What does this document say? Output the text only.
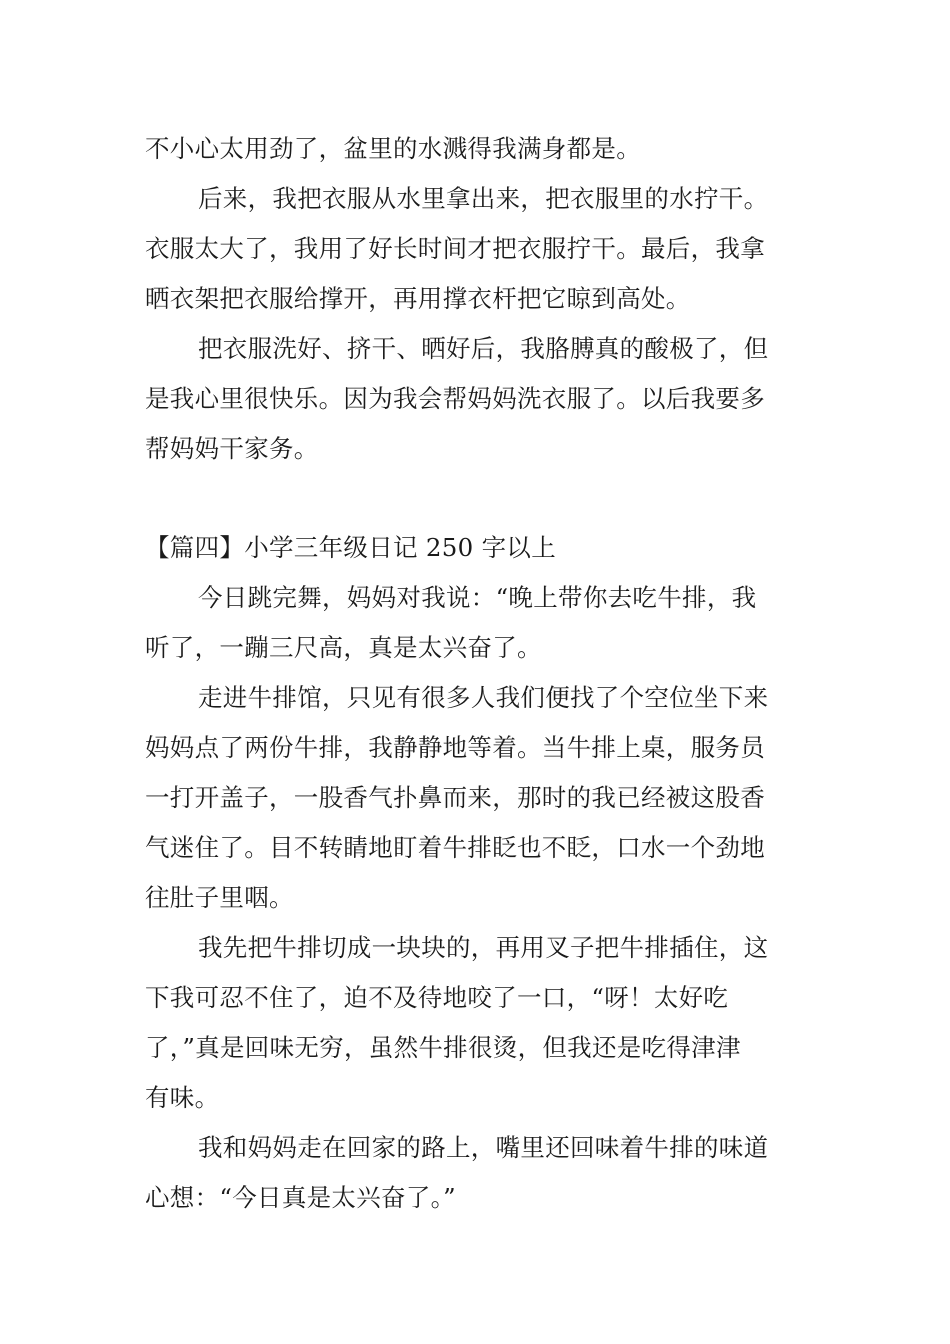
不小心太用劲了，盆里的水溅得我满身都是。
后来，我把衣服从水里拿出来，把衣服里的水拧干。
衣服太大了，我用了好长时间才把衣服拧干。最后，我拿
晒衣架把衣服给撑开，再用撑衣杆把它晾到高处。
把衣服洗好、挤干、晒好后，我胳膊真的酸极了，但
是我心里很快乐。因为我会帮妈妈洗衣服了。以后我要多
帮妈妈干家务。
【篇四】小学三年级日记 250 字以上
今日跳完舞，妈妈对我说：“晚上带你去吃牛排，我
听了，一蹦三尺高，真是太兴奋了。
走进牛排馆，只见有很多人我们便找了个空位坐下来
妈妈点了两份牛排，我静静地等着。当牛排上桌，服务员
一打开盖子，一股香气扑鼻而来，那时的我已经被这股香
气迷住了。目不转睛地盯着牛排眨也不眨，口水一个劲地
往肚子里咽。
我先把牛排切成一块块的，再用叉子把牛排插住，这
下我可忍不住了，迫不及待地咬了一口，“呀！太好吃
了，”真是回味无穷，虽然牛排很烫，但我还是吃得津津
有味。
我和妈妈走在回家的路上，嘴里还回味着牛排的味道
心想：“今日真是太兴奋了。”
